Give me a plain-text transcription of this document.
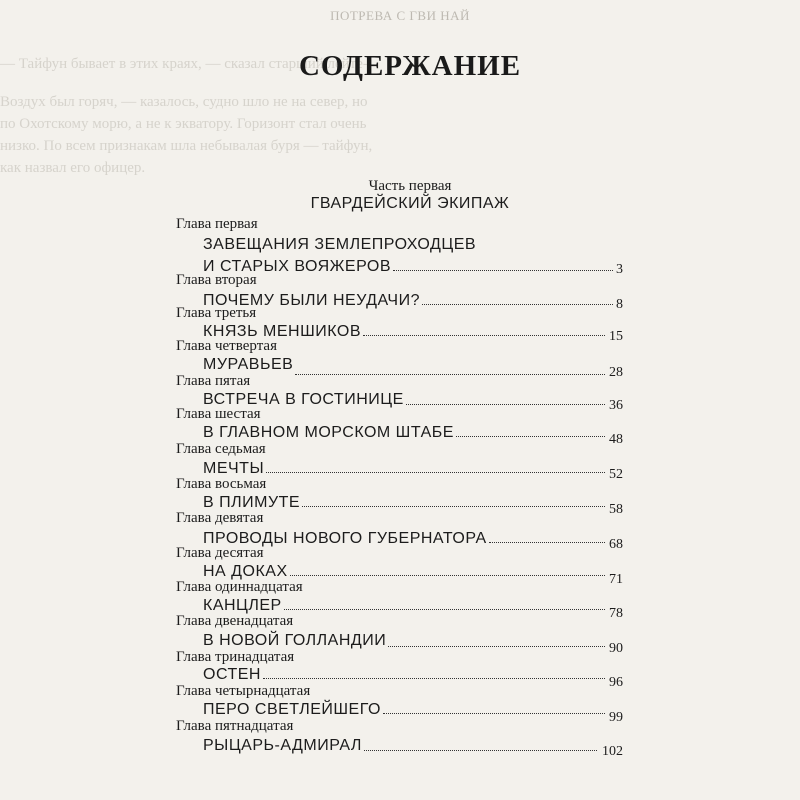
— Тайфун бывает в этих краях, — сказал старший лейте-
Воздух был горяч, — казалось, судно шло не на север, но
по Охотскому морю, а не к экватору. Горизонт стал очень
низко. По всем признакам шла небывалая буря — тайфун,
как назвал его офицер.
ПОТРЕВА С ГВИ НАЙ
СОДЕРЖАНИЕ
Часть первая
ГВАРДЕЙСКИЙ ЭКИПАЖ
Глава первая
ЗАВЕЩАНИЯ ЗЕМЛЕПРОХОДЦЕВ
И СТАРЫХ ВОЯЖЕРОВ	3
Глава вторая
ПОЧЕМУ БЫЛИ НЕУДАЧИ?	8
Глава третья
КНЯЗЬ МЕНШИКОВ	15
Глава четвертая
МУРАВЬЕВ	28
Глава пятая
ВСТРЕЧА В ГОСТИНИЦЕ	36
Глава шестая
В ГЛАВНОМ МОРСКОМ ШТАБЕ	48
Глава седьмая
МЕЧТЫ	52
Глава восьмая
В ПЛИМУТЕ	58
Глава девятая
ПРОВОДЫ НОВОГО ГУБЕРНАТОРА	68
Глава десятая
НА ДОКАХ	71
Глава одиннадцатая
КАНЦЛЕР	78
Глава двенадцатая
В НОВОЙ ГОЛЛАНДИИ	90
Глава тринадцатая
ОСТЕН	96
Глава четырнадцатая
ПЕРО СВЕТЛЕЙШЕГО	99
Глава пятнадцатая
РЫЦАРЬ-АДМИРАЛ	102
